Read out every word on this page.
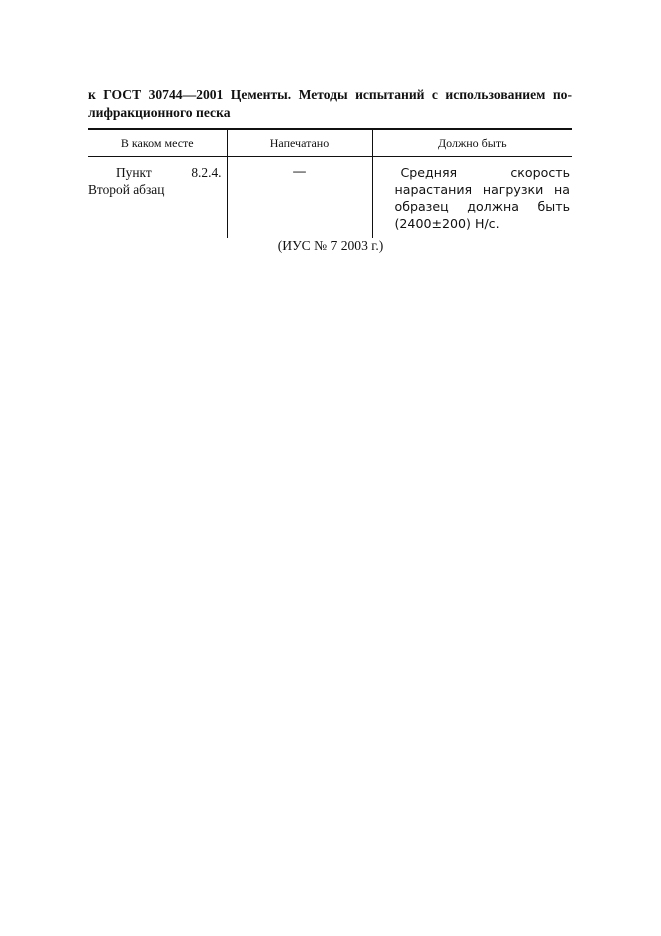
к ГОСТ 30744—2001 Цементы. Методы испытаний с использованием по-
лифракционного песка
В каком месте	Напечатано	Должно быть

Пункт 8.2.4. Второй абзац	—	Средняя скорость нарастания нагрузки на образец должна быть (2400±200) Н/с.
(ИУС № 7 2003 г.)
